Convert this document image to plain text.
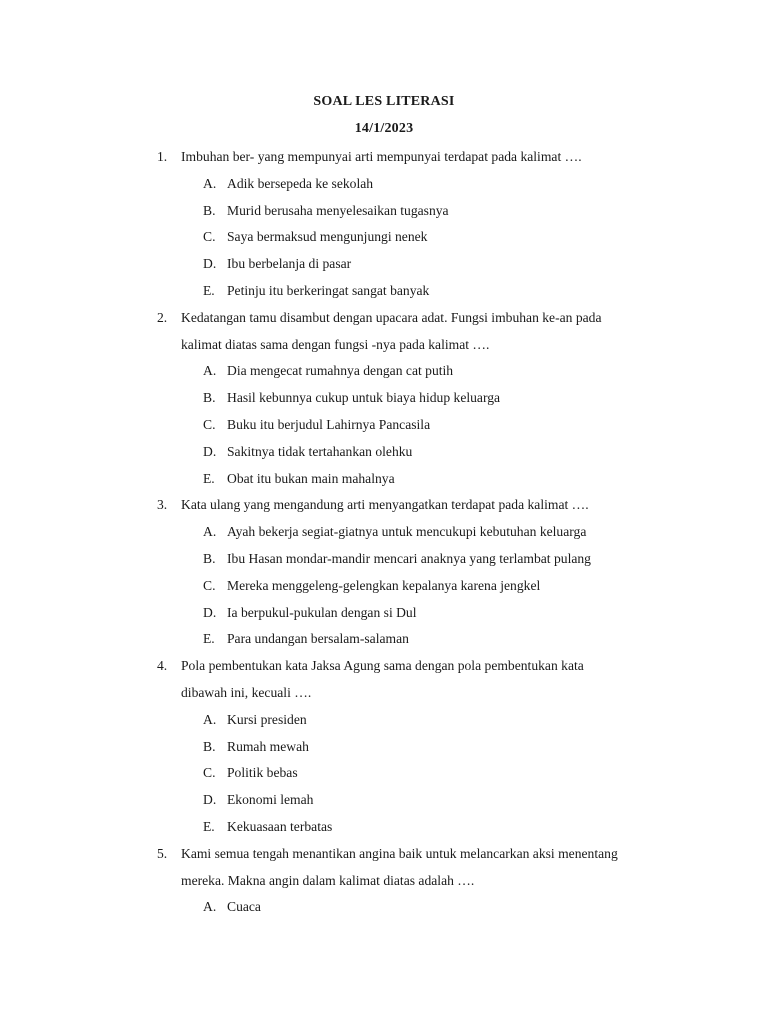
SOAL LES LITERASI
14/1/2023
1. Imbuhan ber- yang mempunyai arti mempunyai terdapat pada kalimat ….
A. Adik bersepeda ke sekolah
B. Murid berusaha menyelesaikan tugasnya
C. Saya bermaksud mengunjungi nenek
D. Ibu berbelanja di pasar
E. Petinju itu berkeringat sangat banyak
2. Kedatangan tamu disambut dengan upacara adat. Fungsi imbuhan ke-an pada
kalimat diatas sama dengan fungsi -nya pada kalimat ….
A. Dia mengecat rumahnya dengan cat putih
B. Hasil kebunnya cukup untuk biaya hidup keluarga
C. Buku itu berjudul Lahirnya Pancasila
D. Sakitnya tidak tertahankan olehku
E. Obat itu bukan main mahalnya
3. Kata ulang yang mengandung arti menyangatkan terdapat pada kalimat ….
A. Ayah bekerja segiat-giatnya untuk mencukupi kebutuhan keluarga
B. Ibu Hasan mondar-mandir mencari anaknya yang terlambat pulang
C. Mereka menggeleng-gelengkan kepalanya karena jengkel
D. Ia berpukul-pukulan dengan si Dul
E. Para undangan bersalam-salaman
4. Pola pembentukan kata Jaksa Agung sama dengan pola pembentukan kata
dibawah ini, kecuali ….
A. Kursi presiden
B. Rumah mewah
C. Politik bebas
D. Ekonomi lemah
E. Kekuasaan terbatas
5. Kami semua tengah menantikan angina baik untuk melancarkan aksi menentang
mereka. Makna angin dalam kalimat diatas adalah ….
A. Cuaca
